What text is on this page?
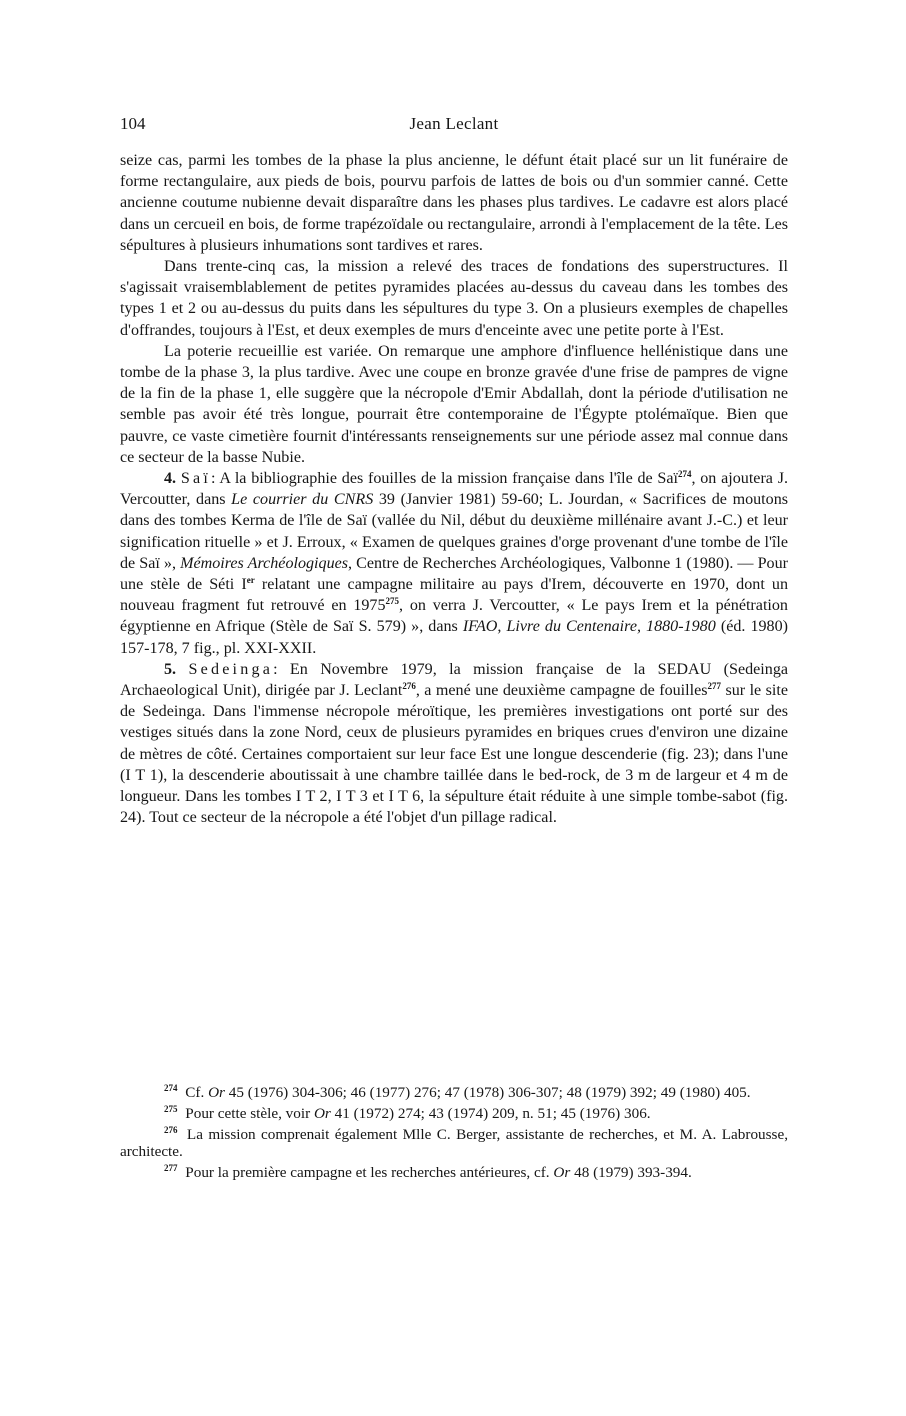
104	Jean Leclant

seize cas, parmi les tombes de la phase la plus ancienne, le défunt était placé sur un lit funéraire de forme rectangulaire, aux pieds de bois, pourvu parfois de lattes de bois ou d'un sommier canné. Cette ancienne coutume nubienne devait disparaître dans les phases plus tardives. Le cadavre est alors placé dans un cercueil en bois, de forme trapézoïdale ou rectangulaire, arrondi à l'emplacement de la tête. Les sépultures à plusieurs inhumations sont tardives et rares.

Dans trente-cinq cas, la mission a relevé des traces de fondations des superstructures. Il s'agissait vraisemblablement de petites pyramides placées au-dessus du caveau dans les tombes des types 1 et 2 ou au-dessus du puits dans les sépultures du type 3. On a plusieurs exemples de chapelles d'offrandes, toujours à l'Est, et deux exemples de murs d'enceinte avec une petite porte à l'Est.

La poterie recueillie est variée. On remarque une amphore d'influence hellénistique dans une tombe de la phase 3, la plus tardive. Avec une coupe en bronze gravée d'une frise de pampres de vigne de la fin de la phase 1, elle suggère que la nécropole d'Emir Abdallah, dont la période d'utilisation ne semble pas avoir été très longue, pourrait être contemporaine de l'Égypte ptolémaïque. Bien que pauvre, ce vaste cimetière fournit d'intéressants renseignements sur une période assez mal connue dans ce secteur de la basse Nubie.

4. Saï: A la bibliographie des fouilles de la mission française dans l'île de Saï$^{274}$, on ajoutera J. Vercoutter, dans Le courrier du CNRS 39 (Janvier 1981) 59-60; L. Jourdan, « Sacrifices de moutons dans des tombes Kerma de l'île de Saï (vallée du Nil, début du deuxième millénaire avant J.-C.) et leur signification rituelle » et J. Erroux, « Examen de quelques graines d'orge provenant d'une tombe de l'île de Saï », Mémoires Archéologiques, Centre de Recherches Archéologiques, Valbonne 1 (1980). — Pour une stèle de Séti Ier relatant une campagne militaire au pays d'Irem, découverte en 1970, dont un nouveau fragment fut retrouvé en 1975$^{275}$, on verra J. Vercoutter, « Le pays Irem et la pénétration égyptienne en Afrique (Stèle de Saï S. 579) », dans IFAO, Livre du Centenaire, 1880-1980 (éd. 1980) 157-178, 7 fig., pl. XXI-XXII.

5. Sedeinga: En Novembre 1979, la mission française de la SEDAU (Sedeinga Archaeological Unit), dirigée par J. Leclant$^{276}$, a mené une deuxième campagne de fouilles$^{277}$ sur le site de Sedeinga. Dans l'immense nécropole méroïtique, les premières investigations ont porté sur des vestiges situés dans la zone Nord, ceux de plusieurs pyramides en briques crues d'environ une dizaine de mètres de côté. Certaines comportaient sur leur face Est une longue descenderie (fig. 23); dans l'une (I T 1), la descenderie aboutissait à une chambre taillée dans le bed-rock, de 3 m de largeur et 4 m de longueur. Dans les tombes I T 2, I T 3 et I T 6, la sépulture était réduite à une simple tombe-sabot (fig. 24). Tout ce secteur de la nécropole a été l'objet d'un pillage radical.

$^{274}$ Cf. Or 45 (1976) 304-306; 46 (1977) 276; 47 (1978) 306-307; 48 (1979) 392; 49 (1980) 405.

$^{275}$ Pour cette stèle, voir Or 41 (1972) 274; 43 (1974) 209, n. 51; 45 (1976) 306.

$^{276}$ La mission comprenait également Mlle C. Berger, assistante de recherches, et M. A. Labrousse, architecte.

$^{277}$ Pour la première campagne et les recherches antérieures, cf. Or 48 (1979) 393-394.
